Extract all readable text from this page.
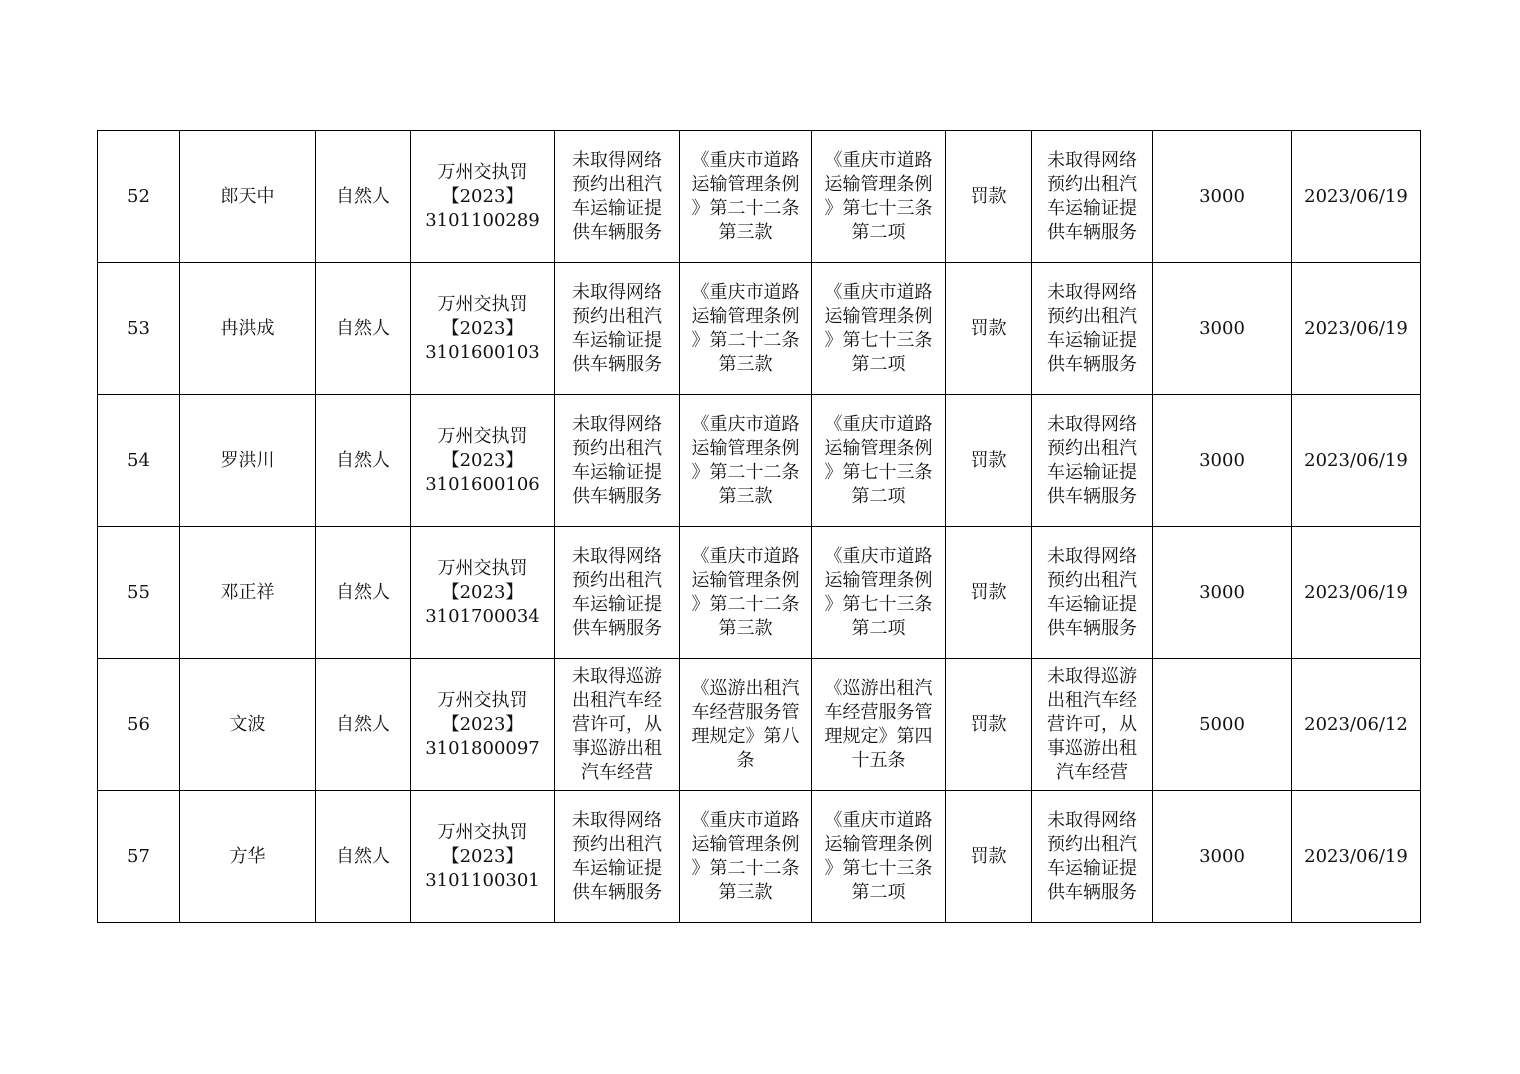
52	郎天中	自然人	万州交执罚
【2023】
3101100289	未取得网络
预约出租汽
车运输证提
供车辆服务	《重庆市道路
运输管理条例
》第二十二条
第三款	《重庆市道路
运输管理条例
》第七十三条
第二项	罚款	未取得网络
预约出租汽
车运输证提
供车辆服务	3000	2023/06/19
53	冉洪成	自然人	万州交执罚
【2023】
3101600103	未取得网络
预约出租汽
车运输证提
供车辆服务	《重庆市道路
运输管理条例
》第二十二条
第三款	《重庆市道路
运输管理条例
》第七十三条
第二项	罚款	未取得网络
预约出租汽
车运输证提
供车辆服务	3000	2023/06/19
54	罗洪川	自然人	万州交执罚
【2023】
3101600106	未取得网络
预约出租汽
车运输证提
供车辆服务	《重庆市道路
运输管理条例
》第二十二条
第三款	《重庆市道路
运输管理条例
》第七十三条
第二项	罚款	未取得网络
预约出租汽
车运输证提
供车辆服务	3000	2023/06/19
55	邓正祥	自然人	万州交执罚
【2023】
3101700034	未取得网络
预约出租汽
车运输证提
供车辆服务	《重庆市道路
运输管理条例
》第二十二条
第三款	《重庆市道路
运输管理条例
》第七十三条
第二项	罚款	未取得网络
预约出租汽
车运输证提
供车辆服务	3000	2023/06/19
56	文波	自然人	万州交执罚
【2023】
3101800097	未取得巡游
出租汽车经
营许可，从
事巡游出租
汽车经营	《巡游出租汽
车经营服务管
理规定》第八
条	《巡游出租汽
车经营服务管
理规定》第四
十五条	罚款	未取得巡游
出租汽车经
营许可，从
事巡游出租
汽车经营	5000	2023/06/12
57	方华	自然人	万州交执罚
【2023】
3101100301	未取得网络
预约出租汽
车运输证提
供车辆服务	《重庆市道路
运输管理条例
》第二十二条
第三款	《重庆市道路
运输管理条例
》第七十三条
第二项	罚款	未取得网络
预约出租汽
车运输证提
供车辆服务	3000	2023/06/19
